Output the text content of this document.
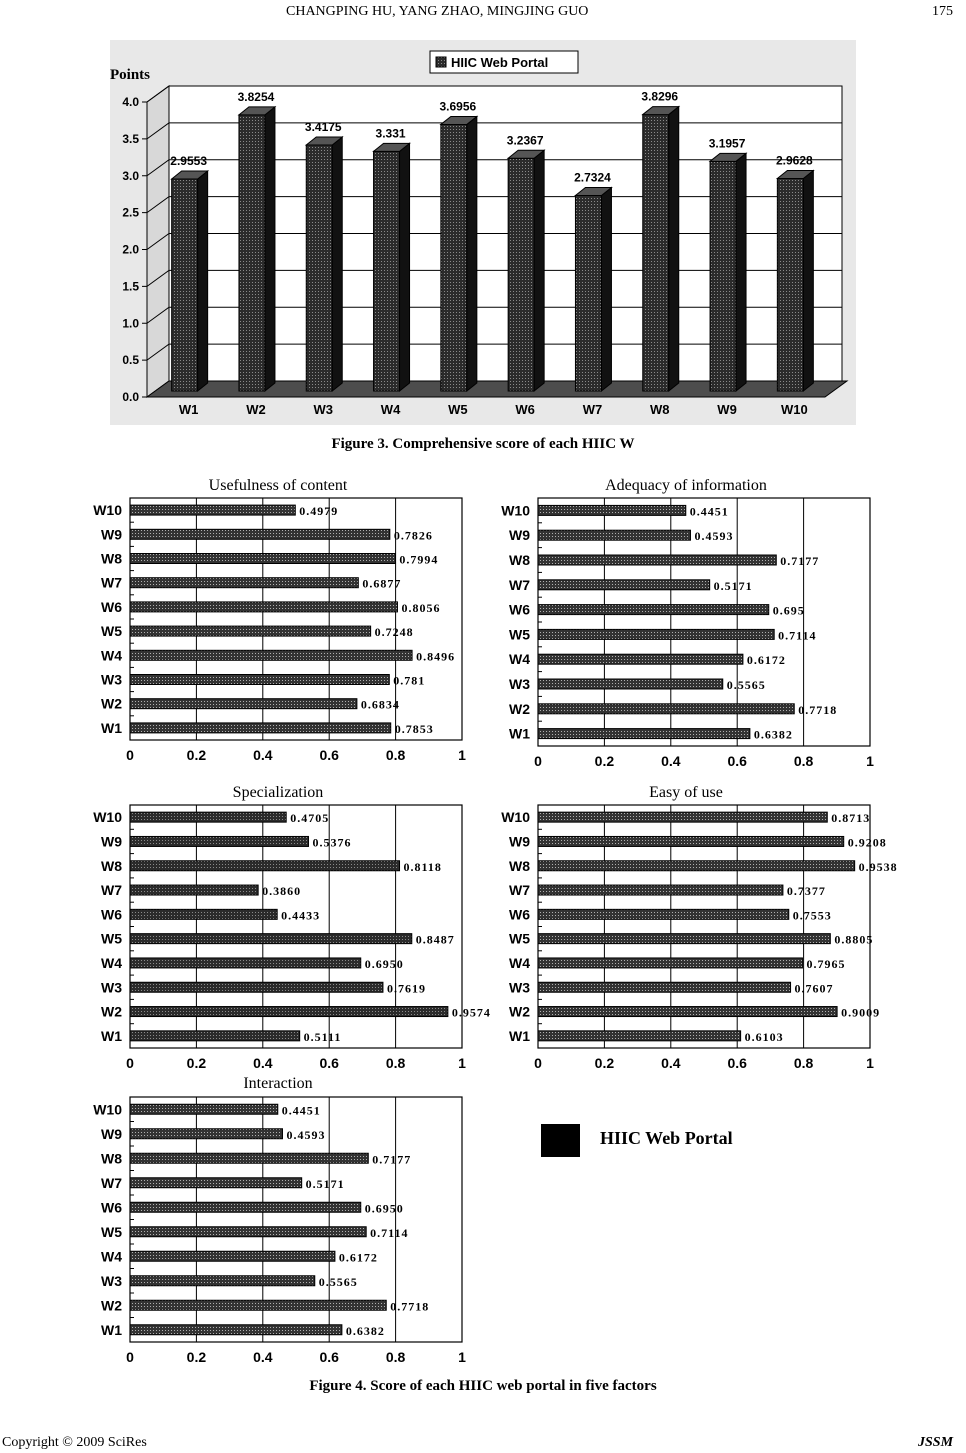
CHANGPING HU, YANG ZHAO, MINGJING GUO	175
Copyright © 2009 SciRes	JSSM
0.0
0.5
1.0
1.5
2.0
2.5
3.0
3.5
4.0
Points
HIIC Web Portal
2.9553
W1
3.8254
W2
3.4175
W3
3.331
W4
3.6956
W5
3.2367
W6
2.7324
W7
3.8296
W8
3.1957
W9
2.9628
W10
Figure 3. Comprehensive score of each HIIC W
Usefulness of content
0	0.2	0.4	0.6	0.8	1
W10	0.4979
W9	0.7826
W8	0.7994
W7	0.6877
W6	0.8056
W5	0.7248
W4	0.8496
W3	0.781
W2	0.6834
W1	0.7853
Adequacy of information
0	0.2	0.4	0.6	0.8	1
W10	0.4451
W9	0.4593
W8	0.7177
W7	0.5171
W6	0.695
W5	0.7114
W4	0.6172
W3	0.5565
W2	0.7718
W1	0.6382
Specialization
0	0.2	0.4	0.6	0.8	1
W10	0.4705
W9	0.5376
W8	0.8118
W7	0.3860
W6	0.4433
W5	0.8487
W4	0.6950
W3	0.7619
W2	0.9574
W1	0.5111
Easy of use
0	0.2	0.4	0.6	0.8	1
W10	0.8713
W9	0.9208
W8	0.9538
W7	0.7377
W6	0.7553
W5	0.8805
W4	0.7965
W3	0.7607
W2	0.9009
W1	0.6103
Interaction
0	0.2	0.4	0.6	0.8	1
W10	0.4451
W9	0.4593
W8	0.7177
W7	0.5171
W6	0.6950
W5	0.7114
W4	0.6172
W3	0.5565
W2	0.7718
W1	0.6382
HIIC Web Portal
Figure 4. Score of each HIIC web portal in five factors
